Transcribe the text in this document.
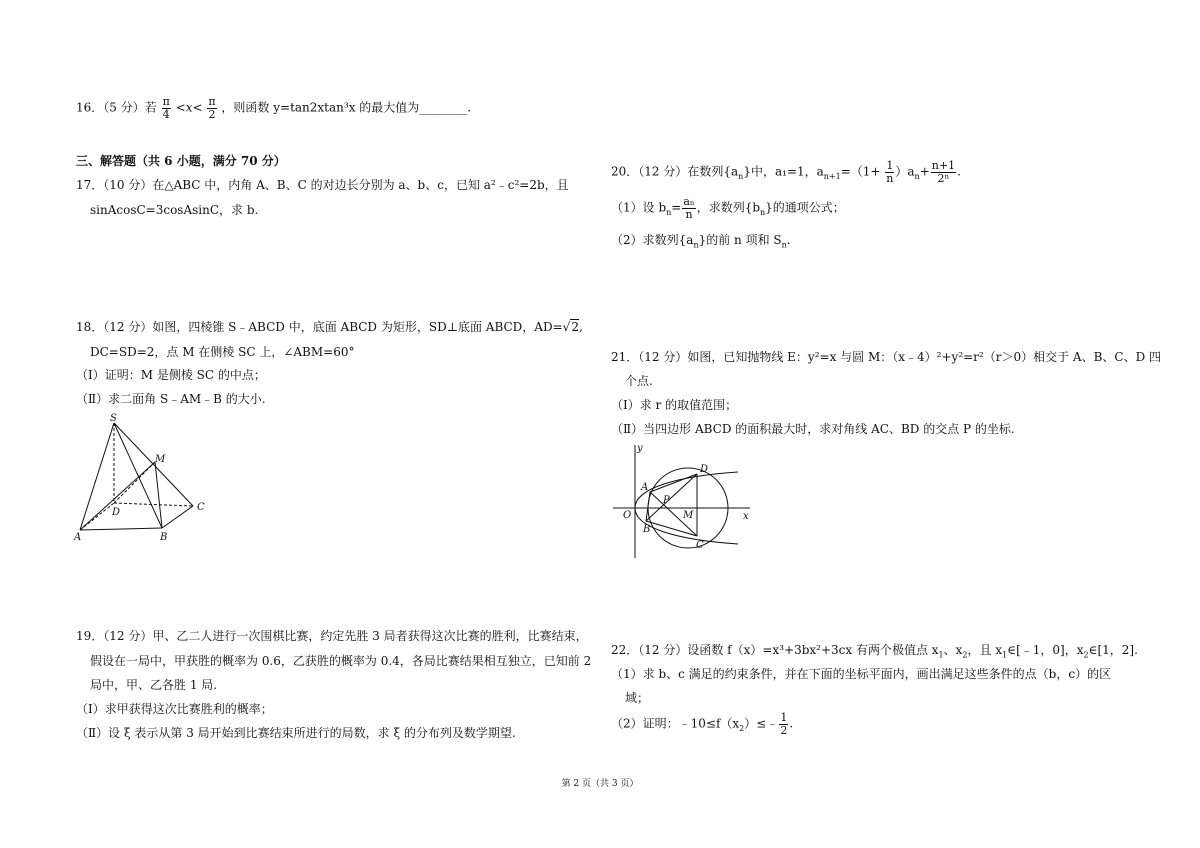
16．（5 分）若 $\frac{\pi}{4} <x< \frac{\pi}{2}$ ，则函数 y=tan2xtan³x 的最大值为________.
三、解答题（共 6 小题，满分 70 分）
17．（10 分）在△ABC 中，内角 A、B、C 的对边长分别为 a、b、c，已知 a²﹣c²=2b，且
sinAcosC=3cosAsinC，求 b.
18．（12 分）如图，四棱锥 S﹣ABCD 中，底面 ABCD 为矩形，SD⊥底面 ABCD，AD=√2,
DC=SD=2，点 M 在侧棱 SC 上，∠ABM=60°
（Ⅰ）证明：M 是侧棱 SC 的中点；
（Ⅱ）求二面角 S﹣AM﹣B 的大小.
S
M
D	C
A	B
19．（12 分）甲、乙二人进行一次围棋比赛，约定先胜 3 局者获得这次比赛的胜利，比赛结束，
假设在一局中，甲获胜的概率为 0.6，乙获胜的概率为 0.4，各局比赛结果相互独立，已知前 2
局中，甲、乙各胜 1 局.
（Ⅰ）求甲获得这次比赛胜利的概率；
（Ⅱ）设 ξ 表示从第 3 局开始到比赛结束所进行的局数，求 ξ 的分布列及数学期望.
20．（12 分）在数列$\{a_n\}$中，a₁=1，$a_{n+1}=(1+ \frac{1}{n} )a_n+ \frac{n+1}{\text{2ⁿ}}$ .
（1）设 $b_n= \frac{\text{aₙ}}{n}$ ，求数列$\{b_n\}$的通项公式；
（2）求数列$\{a_n\}$的前 n 项和 $S_n$.
21．（12 分）如图，已知抛物线 E：y²=x 与圆 M：（x﹣4）²+y²=r²（r＞0）相交于 A、B、C、D 四
个点.
（Ⅰ）求 r 的取值范围；
（Ⅱ）当四边形 ABCD 的面积最大时，求对角线 AC、BD 的交点 P 的坐标.
y
D
A
P
O	M	x
B
C
22．（12 分）设函数 f（x）=x³+3bx²+3cx 有两个极值点 $x_1$、$x_2$，且 $x_1\in[﹣1$，0]，$x_2\in[1$，2].
（1）求 b、c 满足的约束条件，并在下面的坐标平面内，画出满足这些条件的点（b，c）的区
域；
（2）证明：$﹣10\le f(x_2)\le﹣ \frac{1}{2}$ .
第 2 页（共 3 页）
